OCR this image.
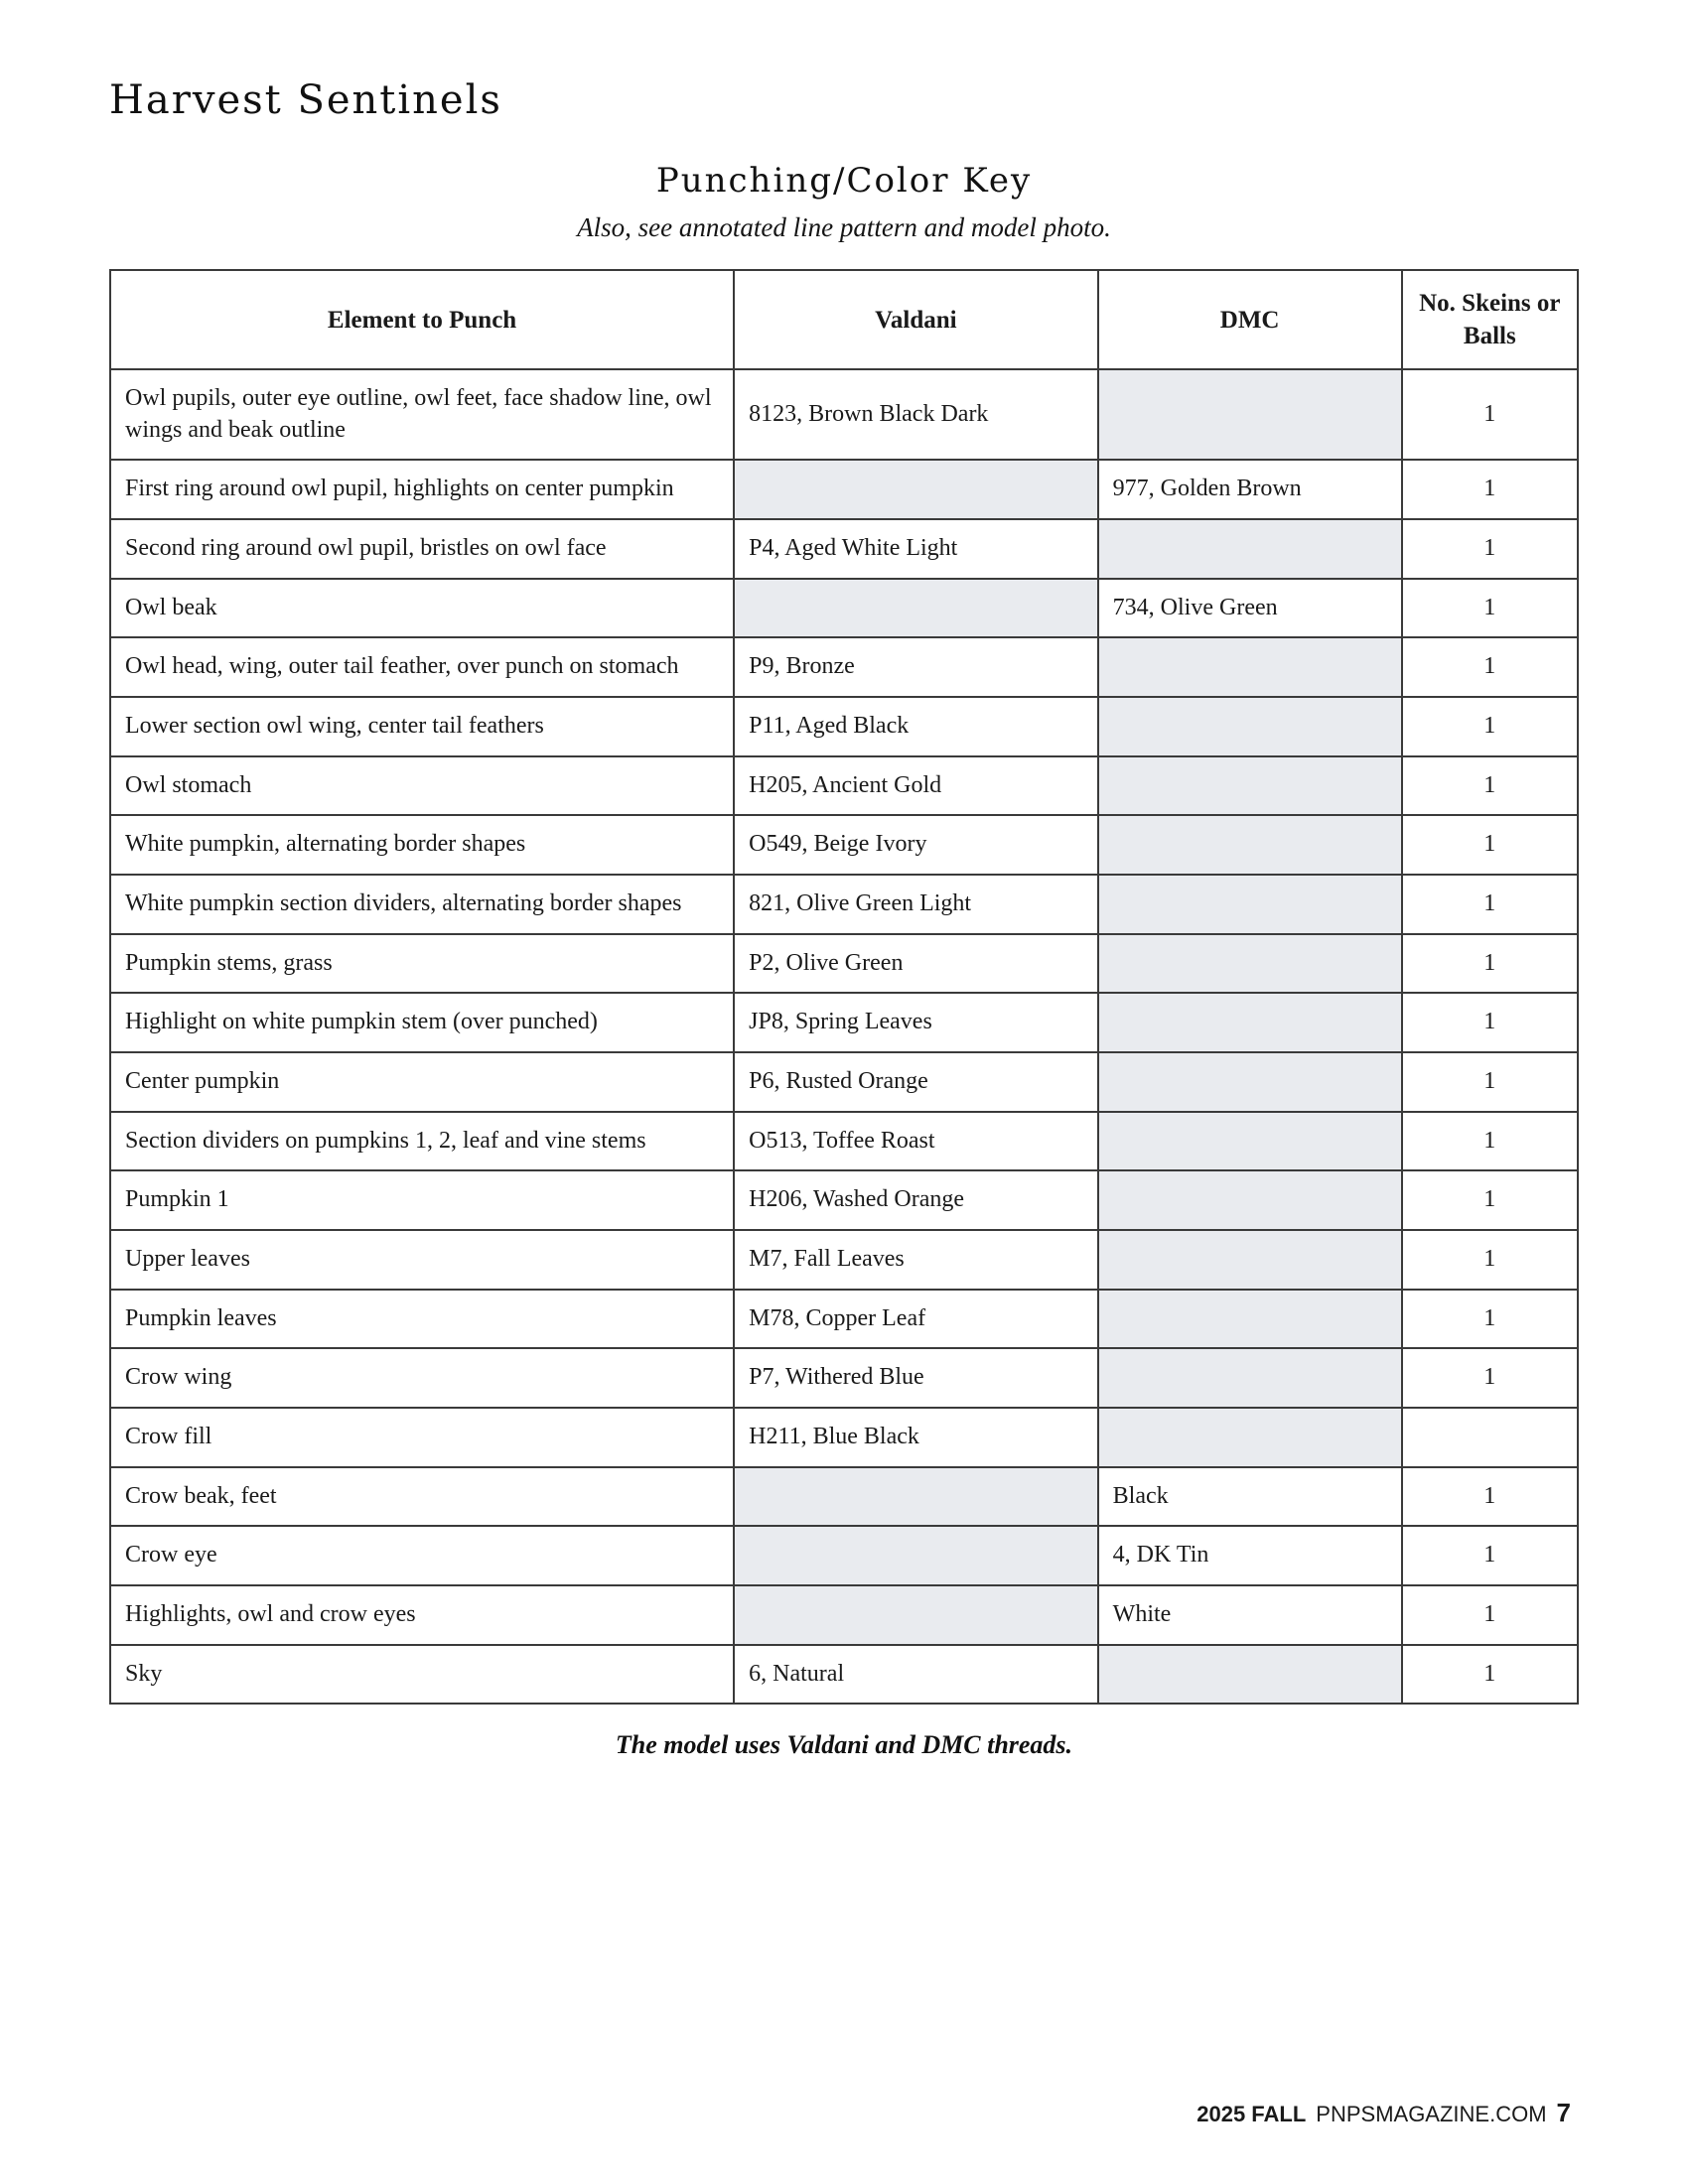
Harvest Sentinels
Punching/Color Key
Also, see annotated line pattern and model photo.
Element to Punch	Valdani	DMC	No. Skeins or Balls
Owl pupils, outer eye outline, owl feet, face shadow line, owl wings and beak outline	8123, Brown Black Dark		1
First ring around owl pupil, highlights on center pumpkin		977, Golden Brown	1
Second ring around owl pupil, bristles on owl face	P4, Aged White Light		1
Owl beak		734, Olive Green	1
Owl head, wing, outer tail feather, over punch on stomach	P9, Bronze		1
Lower section owl wing, center tail feathers	P11, Aged Black		1
Owl stomach	H205, Ancient Gold		1
White pumpkin, alternating border shapes	O549, Beige Ivory		1
White pumpkin section dividers, alternating border shapes	821, Olive Green Light		1
Pumpkin stems, grass	P2, Olive Green		1
Highlight on white pumpkin stem (over punched)	JP8, Spring Leaves		1
Center pumpkin	P6, Rusted Orange		1
Section dividers on pumpkins 1, 2, leaf and vine stems	O513, Toffee Roast		1
Pumpkin 1	H206, Washed Orange		1
Upper leaves	M7, Fall Leaves		1
Pumpkin leaves	M78, Copper Leaf		1
Crow wing	P7, Withered Blue		1
Crow fill	H211, Blue Black		
Crow beak, feet		Black	1
Crow eye		4, DK Tin	1
Highlights, owl and crow eyes		White	1
Sky	6, Natural		1
The model uses Valdani and DMC threads.
2025 FALL PNPSMAGAZINE.COM 7
